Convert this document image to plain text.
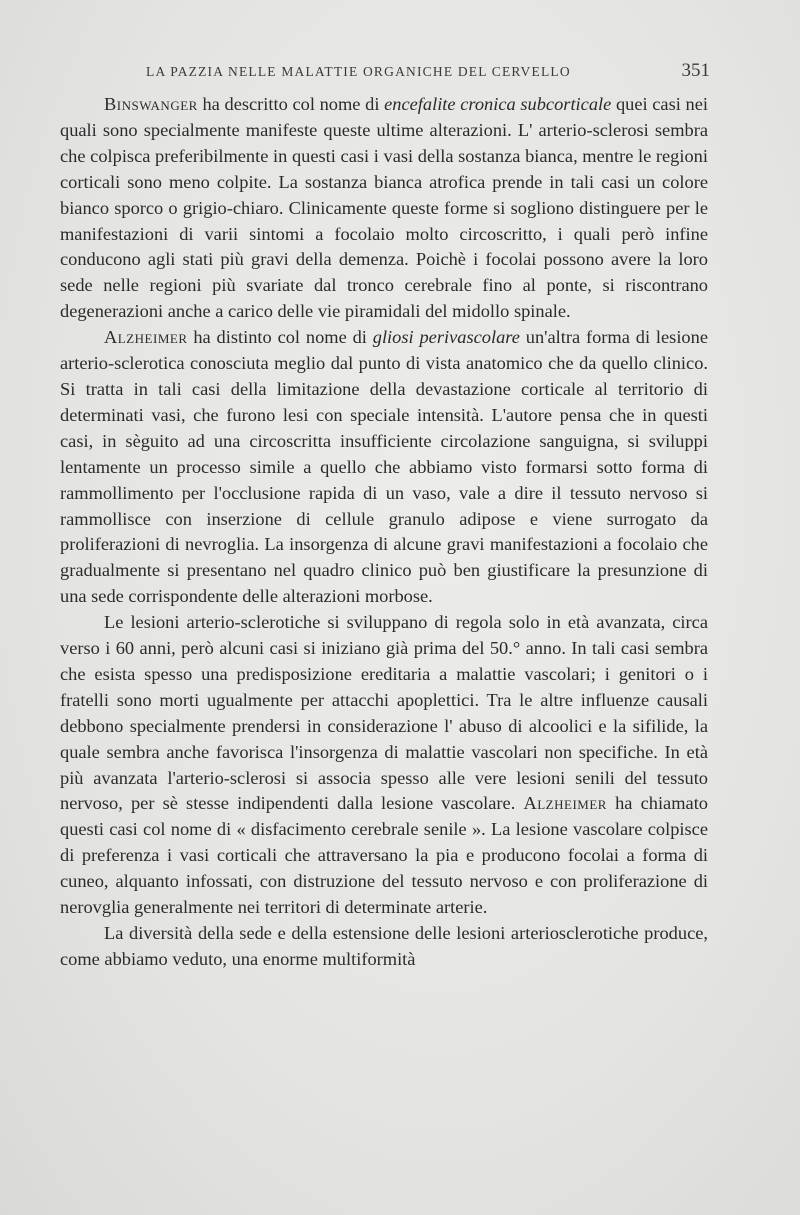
LA PAZZIA NELLE MALATTIE ORGANICHE DEL CERVELLO	351

Binswanger ha descritto col nome di encefalite cronica subcorticale quei casi nei quali sono specialmente manifeste queste ultime alterazioni. L' arterio-sclerosi sembra che colpisca preferibilmente in questi casi i vasi della sostanza bianca, mentre le regioni corticali sono meno colpite. La sostanza bianca atrofica prende in tali casi un colore bianco sporco o grigio-chiaro. Clinicamente queste forme si sogliono distinguere per le manifestazioni di varii sintomi a focolaio molto circoscritto, i quali però infine conducono agli stati più gravi della demenza. Poichè i focolai possono avere la loro sede nelle regioni più svariate dal tronco cerebrale fino al ponte, si riscontrano degenerazioni anche a carico delle vie piramidali del midollo spinale.

Alzheimer ha distinto col nome di gliosi perivascolare un'altra forma di lesione arterio-sclerotica conosciuta meglio dal punto di vista anatomico che da quello clinico. Si tratta in tali casi della limitazione della devastazione corticale al territorio di determinati vasi, che furono lesi con speciale intensità. L'autore pensa che in questi casi, in sèguito ad una circoscritta insufficiente circolazione sanguigna, si sviluppi lentamente un processo simile a quello che abbiamo visto formarsi sotto forma di rammollimento per l'occlusione rapida di un vaso, vale a dire il tessuto nervoso si rammollisce con inserzione di cellule granulo adipose e viene surrogato da proliferazioni di nevroglia. La insorgenza di alcune gravi manifestazioni a focolaio che gradualmente si presentano nel quadro clinico può ben giustificare la presunzione di una sede corrispondente delle alterazioni morbose.

Le lesioni arterio-sclerotiche si sviluppano di regola solo in età avanzata, circa verso i 60 anni, però alcuni casi si iniziano già prima del 50.° anno. In tali casi sembra che esista spesso una predisposizione ereditaria a malattie vascolari; i genitori o i fratelli sono morti ugualmente per attacchi apoplettici. Tra le altre influenze causali debbono specialmente prendersi in considerazione l' abuso di alcoolici e la sifilide, la quale sembra anche favorisca l'insorgenza di malattie vascolari non specifiche. In età più avanzata l'arterio-sclerosi si associa spesso alle vere lesioni senili del tessuto nervoso, per sè stesse indipendenti dalla lesione vascolare. Alzheimer ha chiamato questi casi col nome di « disfacimento cerebrale senile ». La lesione vascolare colpisce di preferenza i vasi corticali che attraversano la pia e producono focolai a forma di cuneo, alquanto infossati, con distruzione del tessuto nervoso e con proliferazione di nerovglia generalmente nei territori di determinate arterie.

La diversità della sede e della estensione delle lesioni arteriosclerotiche produce, come abbiamo veduto, una enorme multiformità
